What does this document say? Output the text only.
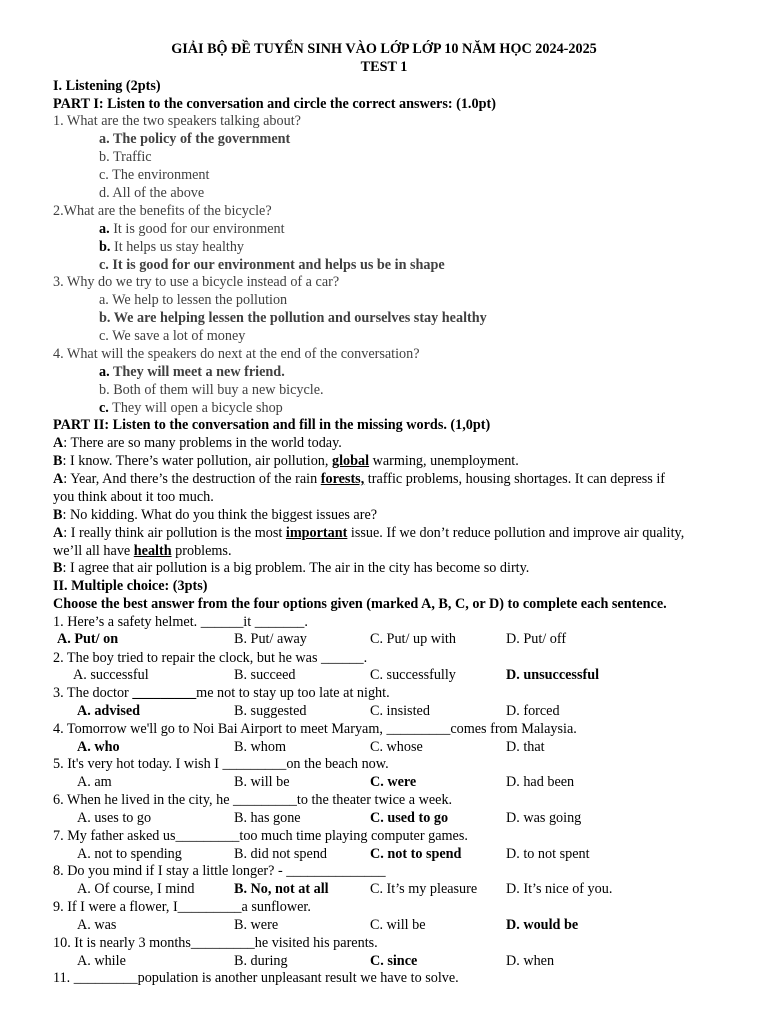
GIẢI BỘ ĐỀ TUYỂN SINH VÀO LỚP LỚP 10 NĂM HỌC 2024-2025
TEST 1
I. Listening (2pts)
PART I: Listen to the conversation and circle the correct answers: (1.0pt)
1. What are the two speakers talking about?
a. The policy of the government
b. Traffic
c. The environment
d. All of the above
2.What are the benefits of the bicycle?
a. It is good for our environment
b. It helps us stay healthy
c. It is good for our environment and helps us be in shape
3. Why do we try to use a bicycle instead of a car?
a. We help to lessen the pollution
b. We are helping lessen the pollution and ourselves stay healthy
c. We save a lot of money
4. What will the speakers do next at the end of the conversation?
a. They will meet a new friend.
b. Both of them will buy a new bicycle.
c. They will open a bicycle shop
PART II: Listen to the conversation and fill in the missing words. (1,0pt)
A: There are so many problems in the world today.
B: I know. There’s water pollution, air pollution, global warming, unemployment.
A: Year, And there’s the destruction of the rain forests, traffic problems, housing shortages. It can depress if
you think about it too much.
B: No kidding. What do you think the biggest issues are?
A: I really think air pollution is the most important issue. If we don’t reduce pollution and improve air quality,
we’ll all have health problems.
B: I agree that air pollution is a big problem. The air in the city has become so dirty.
II. Multiple choice: (3pts)
Choose the best answer from the four options given (marked A, B, C, or D) to complete each sentence.
1. Here’s a safety helmet. ______it _______.
A. Put/ on	B. Put/ away	C. Put/ up with	D. Put/ off
2. The boy tried to repair the clock, but he was ______.
A. successful	B. succeed	C. successfully	D. unsuccessful
3. The doctor _________me not to stay up too late at night.
A. advised	B. suggested	C. insisted	D. forced
4. Tomorrow we'll go to Noi Bai Airport to meet Maryam, _________comes from Malaysia.
A. who	B. whom	C. whose	D. that
5. It's very hot today. I wish I _________on the beach now.
A. am	B. will be	C. were	D. had been
6. When he lived in the city, he _________to the theater twice a week.
A. uses to go	B. has gone	C. used to go	D. was going
7. My father asked us_________too much time playing computer games.
A. not to spending	B. did not spend	C. not to spend	D. to not spent
8. Do you mind if I stay a little longer? - ______________
A. Of course, I mind	B. No, not at all	C. It’s my pleasure D. It’s nice of you.
9. If I were a flower, I_________a sunflower.
A. was	B. were	C. will be	D. would be
10. It is nearly 3 months_________he visited his parents.
A. while	B. during	C. since	D. when
11. _________population is another unpleasant result we have to solve.
